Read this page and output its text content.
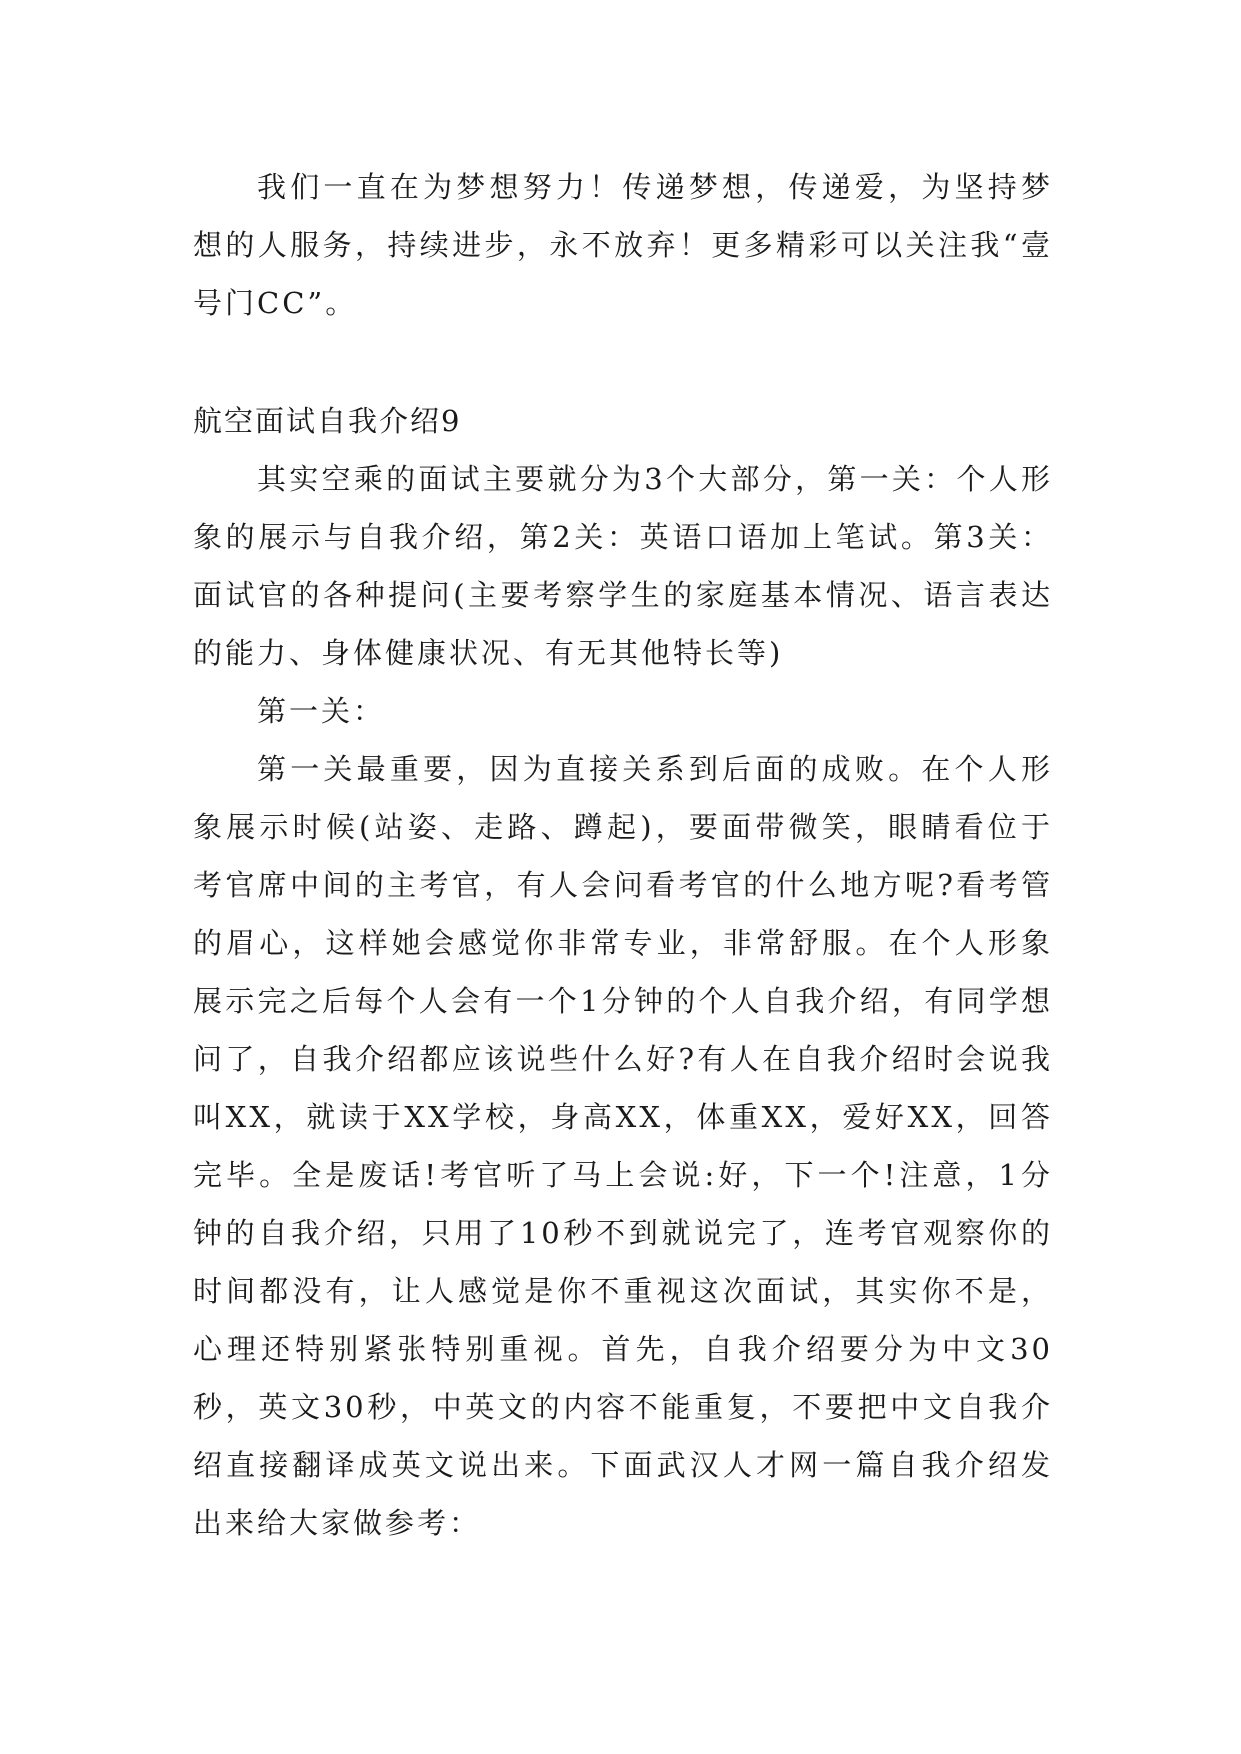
我们一直在为梦想努力！传递梦想，传递爱，为坚持梦想的人服务，持续进步，永不放弃！更多精彩可以关注我“壹号门CC”。

航空面试自我介绍9

其实空乘的面试主要就分为3个大部分，第一关：个人形象的展示与自我介绍，第2关：英语口语加上笔试。第3关：面试官的各种提问(主要考察学生的家庭基本情况、语言表达的能力、身体健康状况、有无其他特长等)

第一关：

第一关最重要，因为直接关系到后面的成败。在个人形象展示时候(站姿、走路、蹲起)，要面带微笑，眼睛看位于考官席中间的主考官，有人会问看考官的什么地方呢?看考管的眉心，这样她会感觉你非常专业，非常舒服。在个人形象展示完之后每个人会有一个1分钟的个人自我介绍，有同学想问了，自我介绍都应该说些什么好?有人在自我介绍时会说我叫XX，就读于XX学校，身高XX，体重XX，爱好XX，回答完毕。全是废话!考官听了马上会说:好，下一个!注意，1分钟的自我介绍，只用了10秒不到就说完了，连考官观察你的时间都没有，让人感觉是你不重视这次面试，其实你不是，心理还特别紧张特别重视。首先，自我介绍要分为中文30秒，英文30秒，中英文的内容不能重复，不要把中文自我介绍直接翻译成英文说出来。下面武汉人才网一篇自我介绍发出来给大家做参考：
